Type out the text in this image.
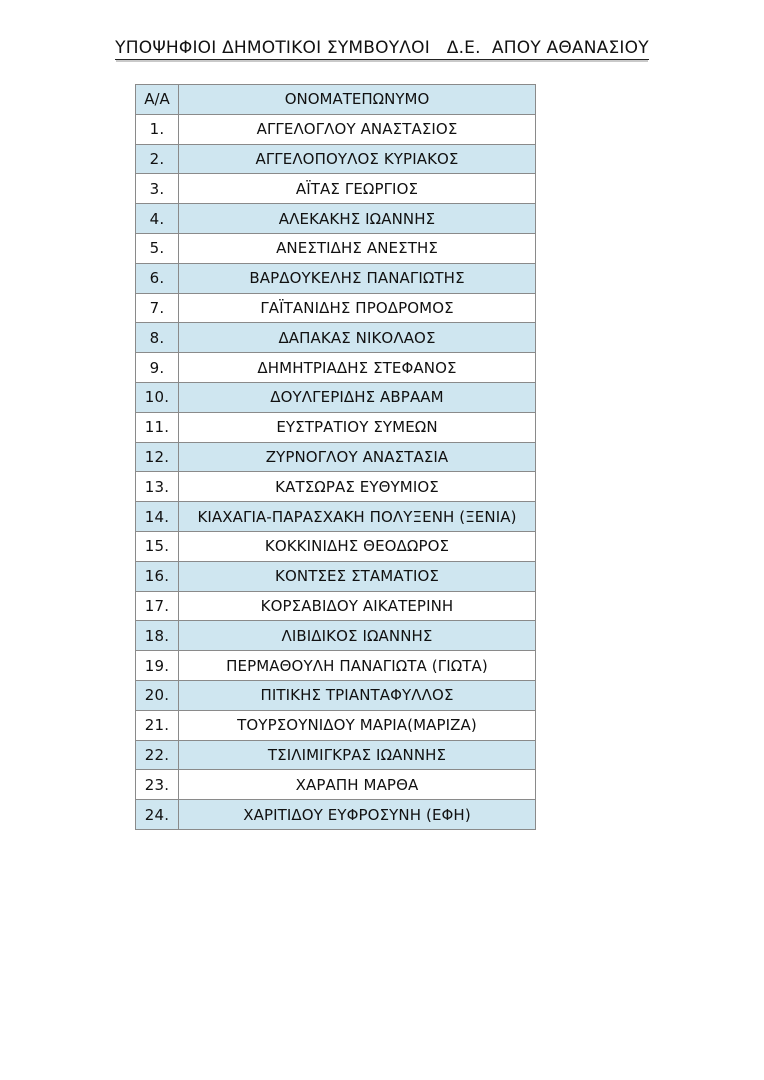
ΥΠΟΨΗΦΙΟΙ ΔΗΜΟΤΙΚΟΙ ΣΥΜΒΟΥΛΟΙ   Δ.Ε.  ΑΠΟΥ ΑΘΑΝΑΣΙΟΥ
Α/Α	ΟΝΟΜΑΤΕΠΩΝΥΜΟ
1.	ΑΓΓΕΛΟΓΛΟΥ ΑΝΑΣΤΑΣΙΟΣ
2.	ΑΓΓΕΛΟΠΟΥΛΟΣ ΚΥΡΙΑΚΟΣ
3.	ΑΪΤΑΣ ΓΕΩΡΓΙΟΣ
4.	ΑΛΕΚΑΚΗΣ ΙΩΑΝΝΗΣ
5.	ΑΝΕΣΤΙΔΗΣ ΑΝΕΣΤΗΣ
6.	ΒΑΡΔΟΥΚΕΛΗΣ ΠΑΝΑΓΙΩΤΗΣ
7.	ΓΑΪΤΑΝΙΔΗΣ ΠΡΟΔΡΟΜΟΣ
8.	ΔΑΠΑΚΑΣ ΝΙΚΟΛΑΟΣ
9.	ΔΗΜΗΤΡΙΑΔΗΣ ΣΤΕΦΑΝΟΣ
10.	ΔΟΥΛΓΕΡΙΔΗΣ ΑΒΡΑΑΜ
11.	ΕΥΣΤΡΑΤΙΟΥ ΣΥΜΕΩΝ
12.	ΖΥΡΝΟΓΛΟΥ ΑΝΑΣΤΑΣΙΑ
13.	ΚΑΤΣΩΡΑΣ ΕΥΘΥΜΙΟΣ
14.	ΚΙΑΧΑΓΙΑ-ΠΑΡΑΣΧΑΚΗ ΠΟΛΥΞΕΝΗ (ΞΕΝΙΑ)
15.	ΚΟΚΚΙΝΙΔΗΣ ΘΕΟΔΩΡΟΣ
16.	ΚΟΝΤΣΕΣ ΣΤΑΜΑΤΙΟΣ
17.	ΚΟΡΣΑΒΙΔΟΥ ΑΙΚΑΤΕΡΙΝΗ
18.	ΛΙΒΙΔΙΚΟΣ ΙΩΑΝΝΗΣ
19.	ΠΕΡΜΑΘΟΥΛΗ ΠΑΝΑΓΙΩΤΑ (ΓΙΩΤΑ)
20.	ΠΙΤΙΚΗΣ ΤΡΙΑΝΤΑΦΥΛΛΟΣ
21.	ΤΟΥΡΣΟΥΝΙΔΟΥ ΜΑΡΙΑ(ΜΑΡΙΖΑ)
22.	ΤΣΙΛΙΜΙΓΚΡΑΣ ΙΩΑΝΝΗΣ
23.	ΧΑΡΑΠΗ ΜΑΡΘΑ
24.	ΧΑΡΙΤΙΔΟΥ ΕΥΦΡΟΣΥΝΗ (ΕΦΗ)
